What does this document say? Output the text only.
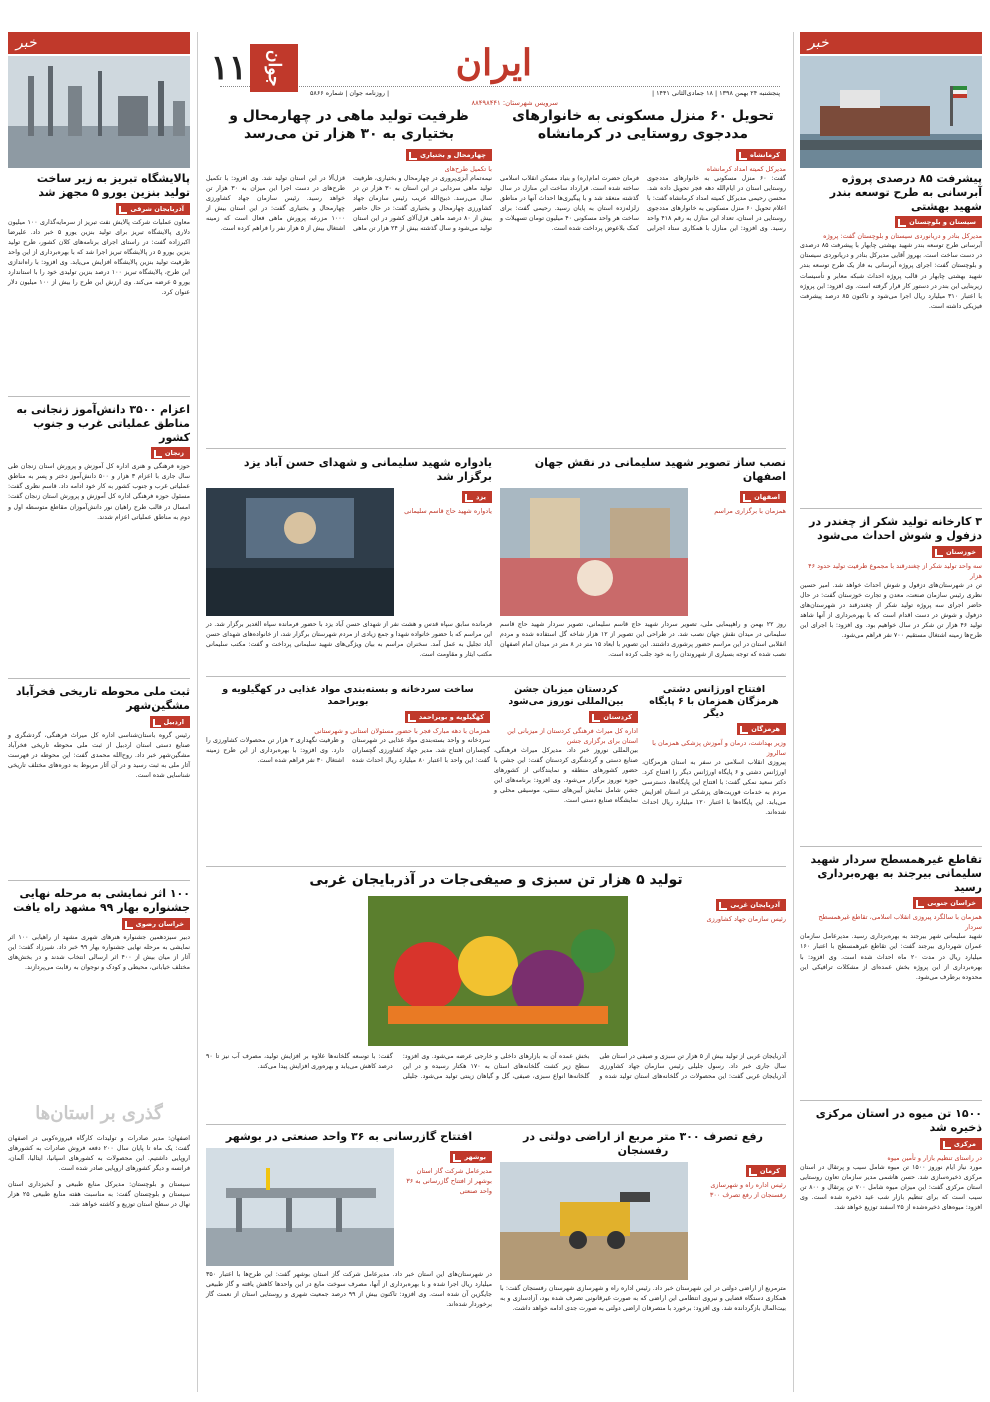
خبر	خبر
ایران
پنجشنبه ۲۴ بهمن ۱۳۹۸ | ۱۸ جمادی‌الثانی ۱۴۴۱ |
| روزنامه جوان | شماره ۵۸۶۶
سرویس شهرستان: ۸۸۴۹۸۴۴۱
جوان
۱۱
پالایشگاه تبریز به زیر ساخت تولید بنزین یورو ۵ مجهز شد
آذربایجان شرقی

معاون عملیات شرکت پالایش نفت تبریز از سرمایه‌گذاری ۱۰۰ میلیون دلاری پالایشگاه تبریز برای تولید بنزین یورو ۵ خبر داد. علیرضا اکبرزاده گفت: در راستای اجرای برنامه‌های کلان کشور، طرح تولید بنزین یورو ۵ در پالایشگاه تبریز اجرا شد که با بهره‌برداری از این واحد ظرفیت تولید بنزین پالایشگاه افزایش می‌یابد. وی افزود: با راه‌اندازی این طرح، پالایشگاه تبریز ۱۰۰ درصد بنزین تولیدی خود را با استاندارد یورو ۵ عرضه می‌کند. وی ارزش این طرح را بیش از ۱۰۰ میلیون دلار عنوان کرد.

اعزام ۳۵۰۰ دانش‌آموز زنجانی به مناطق عملیاتی غرب و جنوب کشور
زنجان

حوزه فرهنگی و هنری اداره کل آموزش و پرورش استان زنجان طی سال جاری با اعزام ۳ هزار و ۵۰۰ دانش‌آموز دختر و پسر به مناطق عملیاتی غرب و جنوب کشور به کار خود ادامه داد. قاسم نظری گفت: مسئول حوزه فرهنگی اداره کل آموزش و پرورش استان زنجان گفت: امسال در قالب طرح راهیان نور دانش‌آموزان مقاطع متوسطه اول و دوم به مناطق عملیاتی اعزام شدند.

ثبت ملی محوطه تاریخی فخرآباد مشگین‌شهر
اردبیل

رئیس گروه باستان‌شناسی اداره کل میراث فرهنگی، گردشگری و صنایع دستی استان اردبیل از ثبت ملی محوطه تاریخی فخرآباد مشگین‌شهر خبر داد. روح‌الله محمدی گفت: این محوطه در فهرست آثار ملی به ثبت رسید و در آن آثار مربوط به دوره‌های مختلف تاریخی شناسایی شده است.

۱۰۰ اثر نمایشی به مرحله نهایی جشنواره بهار ۹۹ مشهد راه یافت
خراسان رضوی

دبیر سیزدهمین جشنواره هنرهای شهری مشهد از راهیابی ۱۰۰ اثر نمایشی به مرحله نهایی جشنواره بهار ۹۹ خبر داد. شیرزاد گفت: این آثار از میان بیش از ۴۰۰ اثر ارسالی انتخاب شدند و در بخش‌های مختلف خیابانی، محیطی و کودک و نوجوان به رقابت می‌پردازند.

گذری بر استان‌ها

اصفهان: مدیر صادرات و تولیدات کارگاه فیروزه‌کوبی در اصفهان گفت: یک ماه تا پایان سال ۲۰۰ دفعه فروش صادرات به کشورهای اروپایی داشتیم. این محصولات به کشورهای اسپانیا، ایتالیا، آلمان، فرانسه و دیگر کشورهای اروپایی صادر شده است.

سیستان و بلوچستان: مدیرکل منابع طبیعی و آبخیزداری استان سیستان و بلوچستان گفت: به مناسبت هفته منابع طبیعی ۲۵ هزار نهال در سطح استان توزیع و کاشته خواهد شد.

پیشرفت ۸۵ درصدی پروژه آبرسانی به طرح توسعه بندر شهید بهشتی
سیستان و بلوچستان

مدیرکل بنادر و دریانوردی سیستان و بلوچستان گفت: پروژه

آبرسانی طرح توسعه بندر شهید بهشتی چابهار با پیشرفت ۸۵ درصدی در دست ساخت است. بهروز آقایی مدیرکل بنادر و دریانوردی سیستان و بلوچستان گفت: اجرای پروژه آبرسانی به فاز یک طرح توسعه بندر شهید بهشتی چابهار در قالب پروژه احداث شبکه معابر و تأسیسات زیربنایی این بندر در دستور کار قرار گرفته است. وی افزود: این پروژه با اعتبار ۳۱۰ میلیارد ریال اجرا می‌شود و تاکنون ۸۵ درصد پیشرفت فیزیکی داشته است.

۳ کارخانه تولید شکر از چغندر در دزفول و شوش احداث می‌شود
خوزستان

سه واحد تولید شکر از چغندرقند با مجموع ظرفیت تولید حدود ۴۶ هزار

تن در شهرستان‌های دزفول و شوش احداث خواهد شد. امیر حسین نظری رئیس سازمان صنعت، معدن و تجارت خوزستان گفت: در حال حاضر اجرای سه پروژه تولید شکر از چغندرقند در شهرستان‌های دزفول و شوش در دست اقدام است که با بهره‌برداری از آنها شاهد تولید ۴۶ هزار تن شکر در سال خواهیم بود. وی افزود: با اجرای این طرح‌ها زمینه اشتغال مستقیم ۷۰۰ نفر فراهم می‌شود.

تقاطع غیرهمسطح سردار شهید سلیمانی بیرجند به بهره‌برداری رسید
خراسان جنوبی

همزمان با سالگرد پیروزی انقلاب اسلامی، تقاطع غیرهمسطح سردار

شهید سلیمانی شهر بیرجند به بهره‌برداری رسید. مدیرعامل سازمان عمران شهرداری بیرجند گفت: این تقاطع غیرهمسطح با اعتبار ۱۶۰ میلیارد ریال در مدت ۲۰ ماه احداث شده است. وی افزود: با بهره‌برداری از این پروژه بخش عمده‌ای از مشکلات ترافیکی این محدوده برطرف می‌شود.

۱۵۰۰ تن میوه در استان مرکزی ذخیره شد
مرکزی

در راستای تنظیم بازار و تأمین میوه

مورد نیاز ایام نوروز ۱۵۰۰ تن میوه شامل سیب و پرتقال در استان مرکزی ذخیره‌سازی شد. حسن هاشمی مدیر سازمان تعاون روستایی استان مرکزی گفت: این میزان میوه شامل ۷۰۰ تن پرتقال و ۸۰۰ تن سیب است که برای تنظیم بازار شب عید ذخیره شده است. وی افزود: میوه‌های ذخیره‌شده از ۲۵ اسفند توزیع خواهد شد.

تحویل ۶۰ منزل مسکونی به خانوارهای مددجوی روستایی در کرمانشاه
کرمانشاه

مدیرکل کمیته امداد کرمانشاه

گفت: ۶۰ منزل مسکونی به خانوارهای مددجوی روستایی استان در ایام‌الله دهه فجر تحویل داده شد. محسن رحیمی مدیرکل کمیته امداد کرمانشاه گفت: با اعلام تحویل ۶۰ منزل مسکونی به خانوارهای مددجوی روستایی در استان، تعداد این منازل به رقم ۴۱۸ واحد رسید. وی افزود: این منازل با همکاری ستاد اجرایی فرمان حضرت امام(ره) و بنیاد مسکن انقلاب اسلامی ساخته شده است. قرارداد ساخت این منازل در سال گذشته منعقد شد و با پیگیری‌ها احداث آنها در مناطق زلزله‌زده استان به پایان رسید. رحیمی گفت: برای ساخت هر واحد مسکونی ۴۰ میلیون تومان تسهیلات و کمک بلاعوض پرداخت شده است.

ظرفیت تولید ماهی در چهارمحال و بختیاری به ۳۰ هزار تن می‌رسد
چهارمحال و بختیاری

با تکمیل طرح‌های

نیمه‌تمام آبزی‌پروری در چهارمحال و بختیاری، ظرفیت تولید ماهی سردابی در این استان به ۳۰ هزار تن در سال می‌رسد. ذبیح‌الله غریب رئیس سازمان جهاد کشاورزی چهارمحال و بختیاری گفت: در حال حاضر بیش از ۸۰ درصد ماهی قزل‌آلای کشور در این استان تولید می‌شود و سال گذشته بیش از ۲۴ هزار تن ماهی قزل‌آلا در این استان تولید شد. وی افزود: با تکمیل طرح‌های در دست اجرا این میزان به ۳۰ هزار تن خواهد رسید. رئیس سازمان جهاد کشاورزی چهارمحال و بختیاری گفت: در این استان بیش از ۱۰۰۰ مزرعه پرورش ماهی فعال است که زمینه اشتغال بیش از ۵ هزار نفر را فراهم کرده است.

نصب ساز تصویر شهید سلیمانی در نقش جهان اصفهان
اصفهان

همزمان با برگزاری مراسم

روز ۲۲ بهمن و راهپیمایی ملی، تصویر سردار شهید حاج قاسم سلیمانی، تصویر سردار شهید حاج قاسم سلیمانی در میدان نقش جهان نصب شد. در طراحی این تصویر از ۱۲ هزار شاخه گل استفاده شده و مردم انقلابی استان در این مراسم حضور پرشوری داشتند. این تصویر با ابعاد ۱۵ متر در ۸ متر در میدان امام اصفهان نصب شده که توجه بسیاری از شهروندان را به خود جلب کرده است.

یادواره شهید سلیمانی و شهدای حسن آباد یزد برگزار شد
یزد

یادواره شهید حاج قاسم سلیمانی

فرمانده سابق سپاه قدس و هشت نفر از شهدای حسن آباد یزد با حضور فرمانده سپاه الغدیر برگزار شد. در این مراسم که با حضور خانواده شهدا و جمع زیادی از مردم شهرستان برگزار شد، از خانواده‌های شهدای حسن آباد تجلیل به عمل آمد. سخنران مراسم به بیان ویژگی‌های شهید سلیمانی پرداخت و گفت: مکتب سلیمانی مکتب ایثار و مقاومت است.

افتتاح اورژانس دشتی هرمزگان همزمان با ۶ پایگاه دیگر
هرمزگان

وزیر بهداشت، درمان و آموزش پزشکی همزمان با سالروز

پیروزی انقلاب اسلامی در سفر به استان هرمزگان، اورژانس دشتی و ۶ پایگاه اورژانس دیگر را افتتاح کرد. دکتر سعید نمکی گفت: با افتتاح این پایگاه‌ها، دسترسی مردم به خدمات فوریت‌های پزشکی در استان افزایش می‌یابد. این پایگاه‌ها با اعتبار ۱۲۰ میلیارد ریال احداث شده‌اند.

کردستان میزبان جشن بین‌المللی نوروز می‌شود
کردستان

اداره کل میراث فرهنگی کردستان از میزبانی این استان برای برگزاری جشن

بین‌المللی نوروز خبر داد. مدیرکل میراث فرهنگی، صنایع دستی و گردشگری کردستان گفت: این جشن با حضور کشورهای منطقه و نمایندگانی از کشورهای حوزه نوروز برگزار می‌شود. وی افزود: برنامه‌های این جشن شامل نمایش آیین‌های سنتی، موسیقی محلی و نمایشگاه صنایع دستی است.

ساخت سردخانه و بسته‌بندی مواد غذایی در کهگیلویه و بویراحمد
کهگیلویه و بویراحمد

همزمان با دهه مبارک فجر با حضور مسئولان استانی و شهرستانی

سردخانه و واحد بسته‌بندی مواد غذایی در شهرستان گچساران افتتاح شد. مدیر جهاد کشاورزی گچساران گفت: این واحد با اعتبار ۸۰ میلیارد ریال احداث شده و ظرفیت نگهداری ۲ هزار تن محصولات کشاورزی را دارد. وی افزود: با بهره‌برداری از این طرح زمینه اشتغال ۳۰ نفر فراهم شده است.

تولید ۵ هزار تن سبزی و صیفی‌جات در آذربایجان غربی
آذربایجان غربی

رئیس سازمان جهاد کشاورزی

آذربایجان غربی از تولید بیش از ۵ هزار تن سبزی و صیفی در استان طی سال جاری خبر داد. رسول جلیلی رئیس سازمان جهاد کشاورزی آذربایجان غربی گفت: این محصولات در گلخانه‌های استان تولید شده و بخش عمده آن به بازارهای داخلی و خارجی عرضه می‌شود. وی افزود: سطح زیر کشت گلخانه‌های استان به ۱۷۰ هکتار رسیده و در این گلخانه‌ها انواع سبزی، صیفی، گل و گیاهان زینتی تولید می‌شود. جلیلی گفت: با توسعه گلخانه‌ها علاوه بر افزایش تولید، مصرف آب نیز تا ۹۰ درصد کاهش می‌یابد و بهره‌وری افزایش پیدا می‌کند.

رفع تصرف ۳۰۰ متر مربع از اراضی دولتی در رفسنجان
کرمان

رئیس اداره راه و شهرسازی رفسنجان از رفع تصرف ۳۰۰

مترمربع از اراضی دولتی در این شهرستان خبر داد. رئیس اداره راه و شهرسازی شهرستان رفسنجان گفت: با همکاری دستگاه قضایی و نیروی انتظامی این اراضی که به صورت غیرقانونی تصرف شده بود، آزادسازی و به بیت‌المال بازگردانده شد. وی افزود: برخورد با متصرفان اراضی دولتی به صورت جدی ادامه خواهد داشت.

افتتاح گازرسانی به ۳۶ واحد صنعتی در بوشهر
بوشهر

مدیرعامل شرکت گاز استان بوشهر از افتتاح گازرسانی به ۳۶ واحد صنعتی

در شهرستان‌های این استان خبر داد. مدیرعامل شرکت گاز استان بوشهر گفت: این طرح‌ها با اعتبار ۳۵۰ میلیارد ریال اجرا شده و با بهره‌برداری از آنها، مصرف سوخت مایع در این واحدها کاهش یافته و گاز طبیعی جایگزین آن شده است. وی افزود: تاکنون بیش از ۹۹ درصد جمعیت شهری و روستایی استان از نعمت گاز برخوردار شده‌اند.
